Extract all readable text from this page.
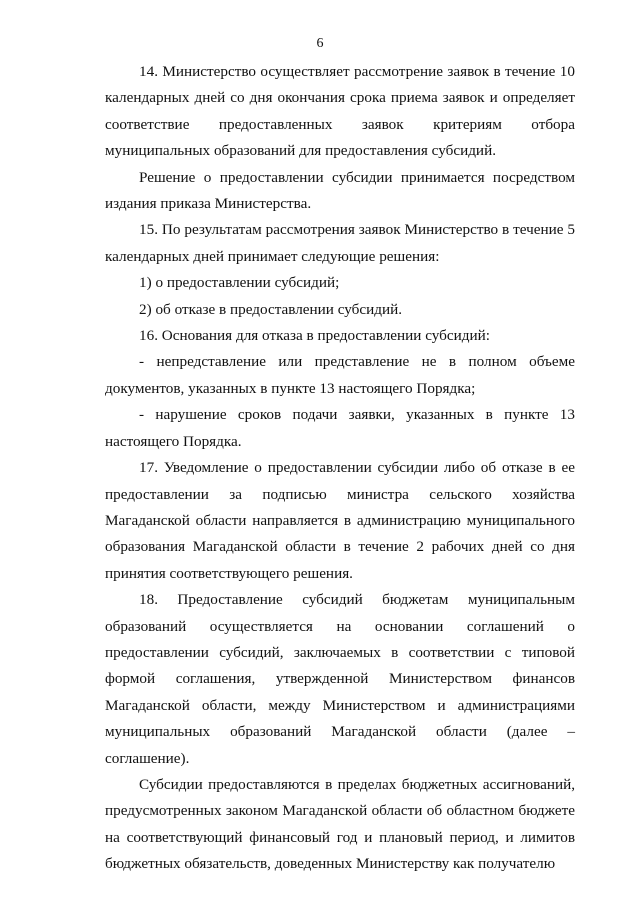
6

14. Министерство осуществляет рассмотрение заявок в течение 10 календарных дней со дня окончания срока приема заявок и определяет соответствие предоставленных заявок критериям отбора муниципальных образований для предоставления субсидий.

Решение о предоставлении субсидии принимается посредством издания приказа Министерства.

15. По результатам рассмотрения заявок Министерство в течение 5 календарных дней принимает следующие решения:

1) о предоставлении субсидий;

2) об отказе в предоставлении субсидий.

16. Основания для отказа в предоставлении субсидий:

- непредставление или представление не в полном объеме документов, указанных в пункте 13 настоящего Порядка;

- нарушение сроков подачи заявки, указанных в пункте 13 настоящего Порядка.

17. Уведомление о предоставлении субсидии либо об отказе в ее предоставлении за подписью министра сельского хозяйства Магаданской области направляется в администрацию муниципального образования Магаданской области в течение 2 рабочих дней со дня принятия соответствующего решения.

18. Предоставление субсидий бюджетам муниципальным образований осуществляется на основании соглашений о предоставлении субсидий, заключаемых в соответствии с типовой формой соглашения, утвержденной Министерством финансов Магаданской области, между Министерством и администрациями муниципальных образований Магаданской области (далее – соглашение).

Субсидии предоставляются в пределах бюджетных ассигнований, предусмотренных законом Магаданской области об областном бюджете на соответствующий финансовый год и плановый период, и лимитов бюджетных обязательств, доведенных Министерству как получателю
